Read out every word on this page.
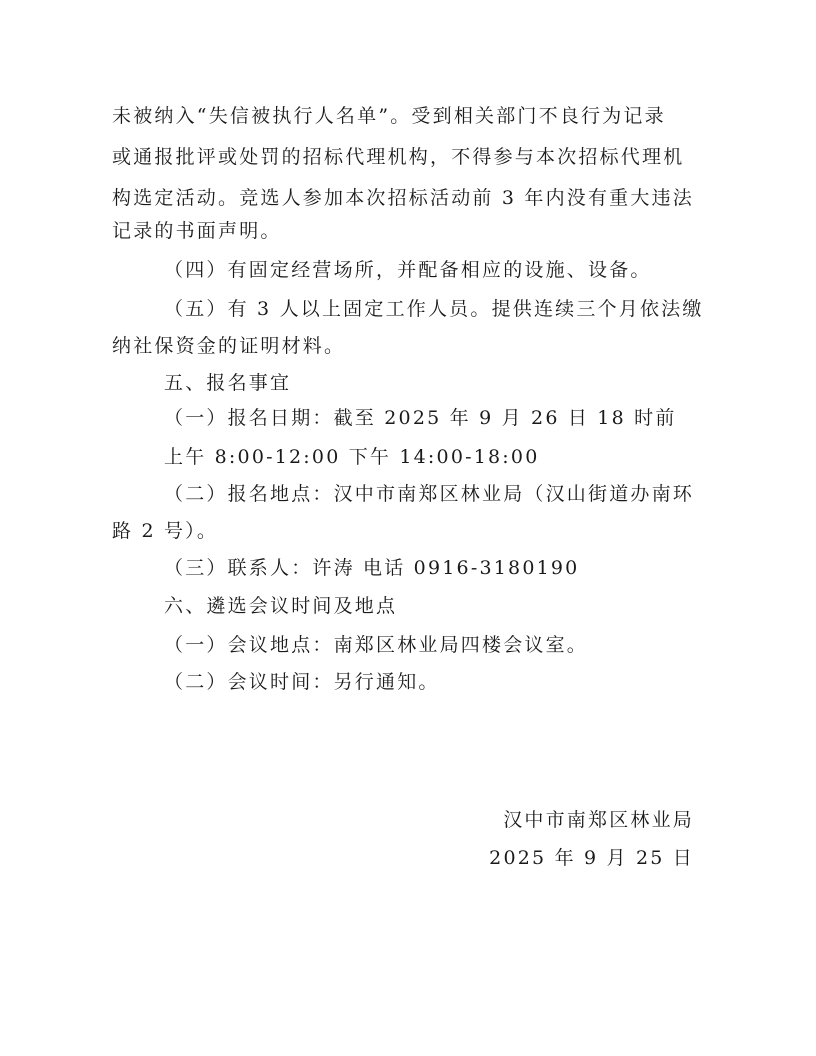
未被纳入“失信被执行人名单”。受到相关部门不良行为记录
或通报批评或处罚的招标代理机构，不得参与本次招标代理机
构选定活动。竞选人参加本次招标活动前 3 年内没有重大违法
记录的书面声明。
（四）有固定经营场所，并配备相应的设施、设备。
（五）有 3 人以上固定工作人员。提供连续三个月依法缴
纳社保资金的证明材料。
五、报名事宜
（一）报名日期：截至 2025 年 9 月 26 日 18 时前
上午 8:00-12:00 下午 14:00-18:00
（二）报名地点：汉中市南郑区林业局（汉山街道办南环
路 2 号）。
（三）联系人：许涛 电话 0916-3180190
六、遴选会议时间及地点
（一）会议地点：南郑区林业局四楼会议室。
（二）会议时间：另行通知。
汉中市南郑区林业局
2025 年 9 月 25 日
